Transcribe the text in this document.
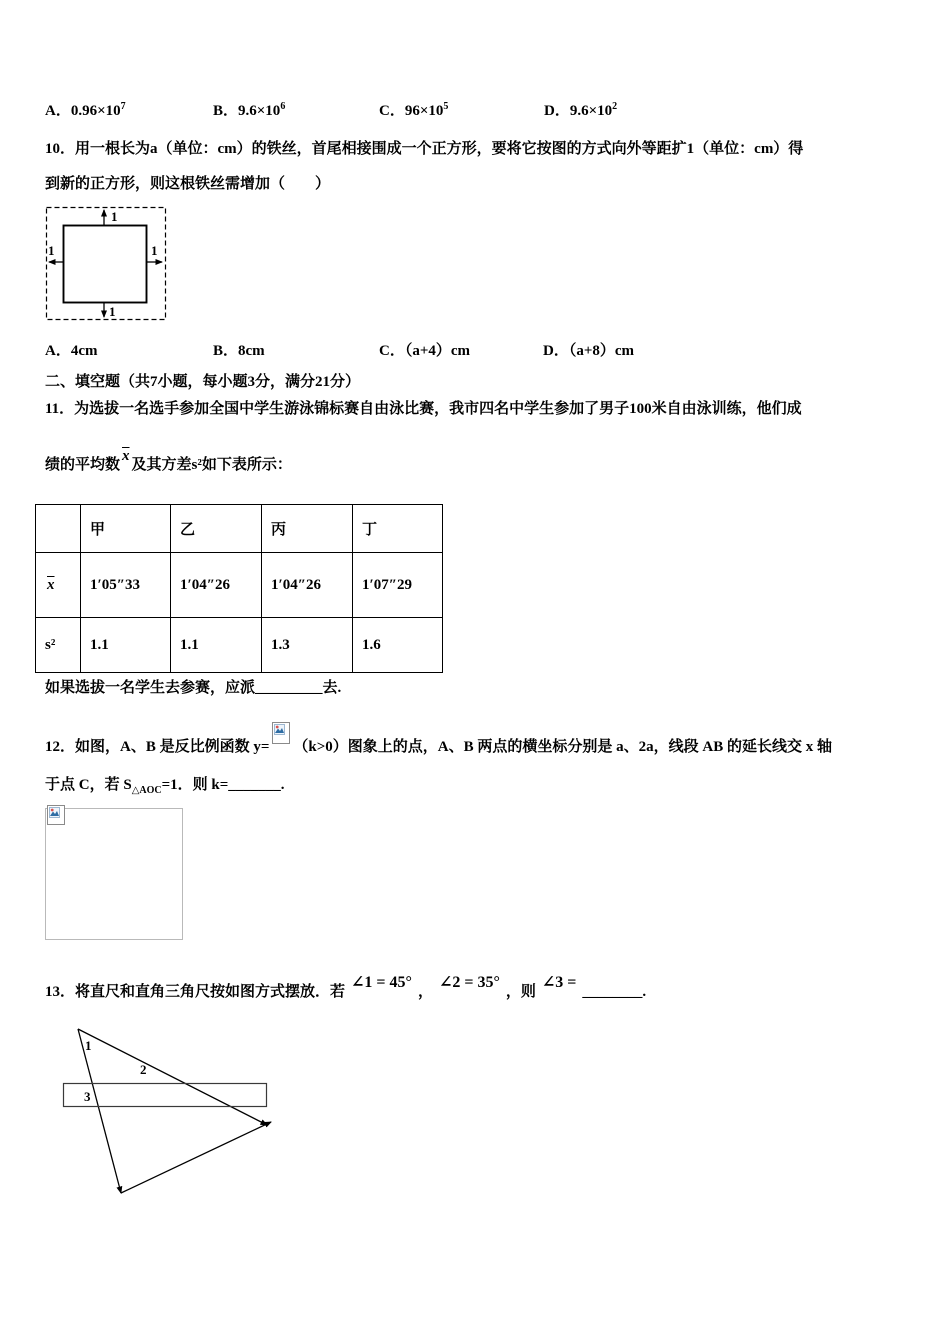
A．$0.96\times 10^7$	B．$9.6\times 10^6$	C．$96\times 10^5$	D．$9.6\times 10^2$
10．用一根长为a（单位：cm）的铁丝，首尾相接围成一个正方形，要将它按图的方式向外等距扩1（单位：cm）得
到新的正方形，则这根铁丝需增加（　　）
1
1
1	1
A．4cm	B．8cm	C．（a+4）cm	D．（a+8）cm
二、填空题（共7小题，每小题3分，满分21分）
11．为选拔一名选手参加全国中学生游泳锦标赛自由泳比赛，我市四名中学生参加了男子100米自由泳训练，他们成
绩的平均数$\overline{x}$及其方差s²如下表所示：
	甲	乙	丙	丁
$\overline{x}$	1′05″33	1′04″26	1′04″26	1′07″29
s²	1.1	1.1	1.3	1.6
如果选拔一名学生去参赛，应派_________去.
12．如图，A、B 是反比例函数 y= （k>0）图象上的点，A、B 两点的横坐标分别是 a、2a，线段 AB 的延长线交 x 轴
于点 C，若 $S_{\triangle AOC}=1$．则 k=_______.
13．将直尺和直角三角尺按如图方式摆放．若∠1 = 45°，∠2 = 35°，则∠3 =________.
1
2
3
